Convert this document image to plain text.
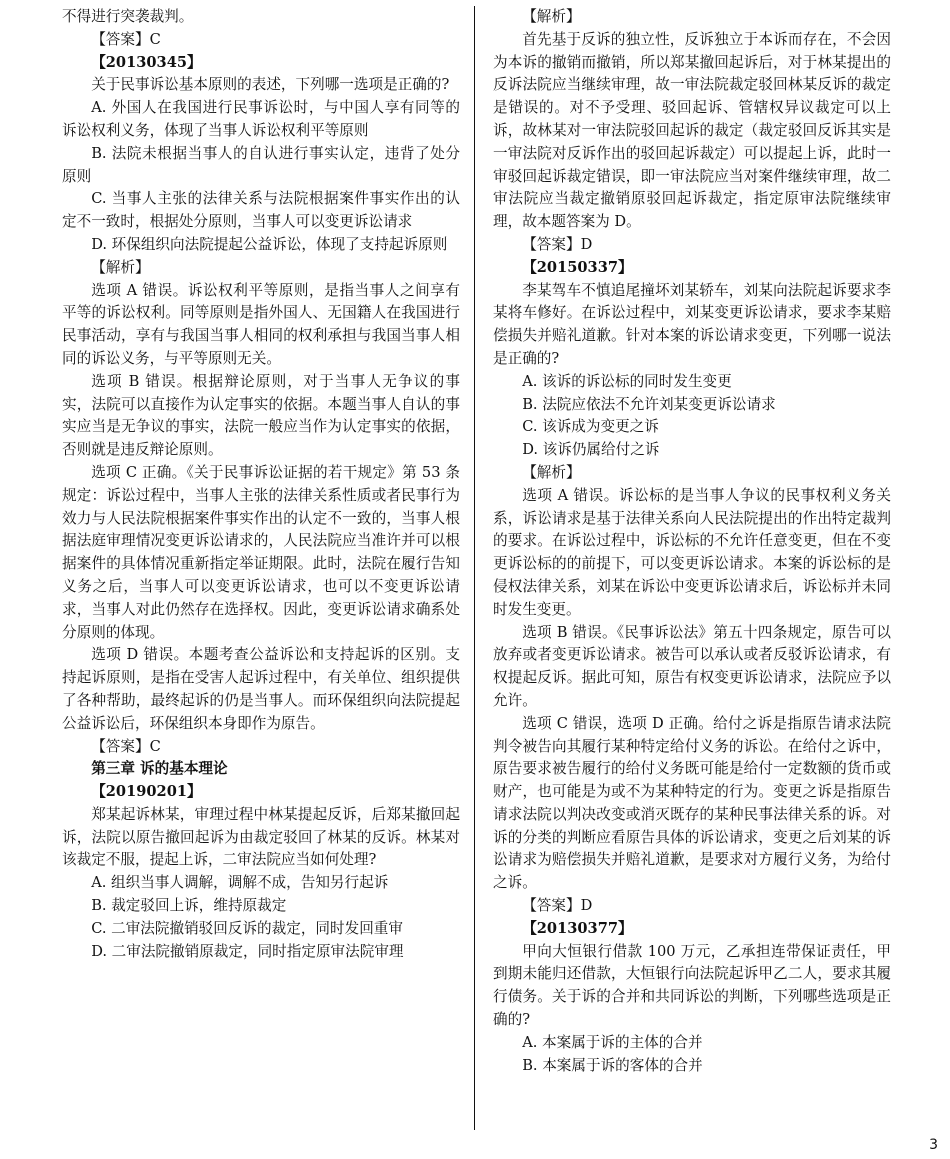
不得进行突袭裁判。

【答案】C

【20130345】

关于民事诉讼基本原则的表述，下列哪一选项是正确的?

A. 外国人在我国进行民事诉讼时，与中国人享有同等的诉讼权利义务，体现了当事人诉讼权利平等原则

B. 法院未根据当事人的自认进行事实认定，违背了处分原则

C. 当事人主张的法律关系与法院根据案件事实作出的认定不一致时，根据处分原则，当事人可以变更诉讼请求

D. 环保组织向法院提起公益诉讼，体现了支持起诉原则

【解析】

选项 A 错误。诉讼权利平等原则，是指当事人之间享有平等的诉讼权利。同等原则是指外国人、无国籍人在我国进行民事活动，享有与我国当事人相同的权利承担与我国当事人相同的诉讼义务，与平等原则无关。

选项 B 错误。根据辩论原则，对于当事人无争议的事实，法院可以直接作为认定事实的依据。本题当事人自认的事实应当是无争议的事实，法院一般应当作为认定事实的依据，否则就是违反辩论原则。

选项 C 正确。《关于民事诉讼证据的若干规定》第 53 条规定：诉讼过程中，当事人主张的法律关系性质或者民事行为效力与人民法院根据案件事实作出的认定不一致的，当事人根据法庭审理情况变更诉讼请求的，人民法院应当准许并可以根据案件的具体情况重新指定举证期限。此时，法院在履行告知义务之后，当事人可以变更诉讼请求，也可以不变更诉讼请求，当事人对此仍然存在选择权。因此，变更诉讼请求确系处分原则的体现。

选项 D 错误。本题考查公益诉讼和支持起诉的区别。支持起诉原则，是指在受害人起诉过程中，有关单位、组织提供了各种帮助，最终起诉的仍是当事人。而环保组织向法院提起公益诉讼后，环保组织本身即作为原告。

【答案】C

第三章 诉的基本理论

【20190201】

郑某起诉林某，审理过程中林某提起反诉，后郑某撤回起诉，法院以原告撤回起诉为由裁定驳回了林某的反诉。林某对该裁定不服，提起上诉，二审法院应当如何处理?

A. 组织当事人调解，调解不成，告知另行起诉

B. 裁定驳回上诉，维持原裁定

C. 二审法院撤销驳回反诉的裁定，同时发回重审

D. 二审法院撤销原裁定，同时指定原审法院审理

【解析】

首先基于反诉的独立性，反诉独立于本诉而存在，不会因为本诉的撤销而撤销，所以郑某撤回起诉后，对于林某提出的反诉法院应当继续审理，故一审法院裁定驳回林某反诉的裁定是错误的。对不予受理、驳回起诉、管辖权异议裁定可以上诉，故林某对一审法院驳回起诉的裁定（裁定驳回反诉其实是一审法院对反诉作出的驳回起诉裁定）可以提起上诉，此时一审驳回起诉裁定错误，即一审法院应当对案件继续审理，故二审法院应当裁定撤销原驳回起诉裁定，指定原审法院继续审理，故本题答案为 D。

【答案】D

【20150337】

李某驾车不慎追尾撞坏刘某轿车，刘某向法院起诉要求李某将车修好。在诉讼过程中，刘某变更诉讼请求，要求李某赔偿损失并赔礼道歉。针对本案的诉讼请求变更，下列哪一说法是正确的?

A. 该诉的诉讼标的同时发生变更

B. 法院应依法不允许刘某变更诉讼请求

C. 该诉成为变更之诉

D. 该诉仍属给付之诉

【解析】

选项 A 错误。诉讼标的是当事人争议的民事权利义务关系，诉讼请求是基于法律关系向人民法院提出的作出特定裁判的要求。在诉讼过程中，诉讼标的不允许任意变更，但在不变更诉讼标的的前提下，可以变更诉讼请求。本案的诉讼标的是侵权法律关系，刘某在诉讼中变更诉讼请求后，诉讼标并未同时发生变更。

选项 B 错误。《民事诉讼法》第五十四条规定，原告可以放弃或者变更诉讼请求。被告可以承认或者反驳诉讼请求，有权提起反诉。据此可知，原告有权变更诉讼请求，法院应予以允许。

选项 C 错误，选项 D 正确。给付之诉是指原告请求法院判令被告向其履行某种特定给付义务的诉讼。在给付之诉中，原告要求被告履行的给付义务既可能是给付一定数额的货币或财产，也可能是为或不为某种特定的行为。变更之诉是指原告请求法院以判决改变或消灭既存的某种民事法律关系的诉。对诉的分类的判断应看原告具体的诉讼请求，变更之后刘某的诉讼请求为赔偿损失并赔礼道歉，是要求对方履行义务，为给付之诉。

【答案】D

【20130377】

甲向大恒银行借款 100 万元，乙承担连带保证责任，甲到期未能归还借款，大恒银行向法院起诉甲乙二人，要求其履行债务。关于诉的合并和共同诉讼的判断，下列哪些选项是正确的?

A. 本案属于诉的主体的合并

B. 本案属于诉的客体的合并

3
